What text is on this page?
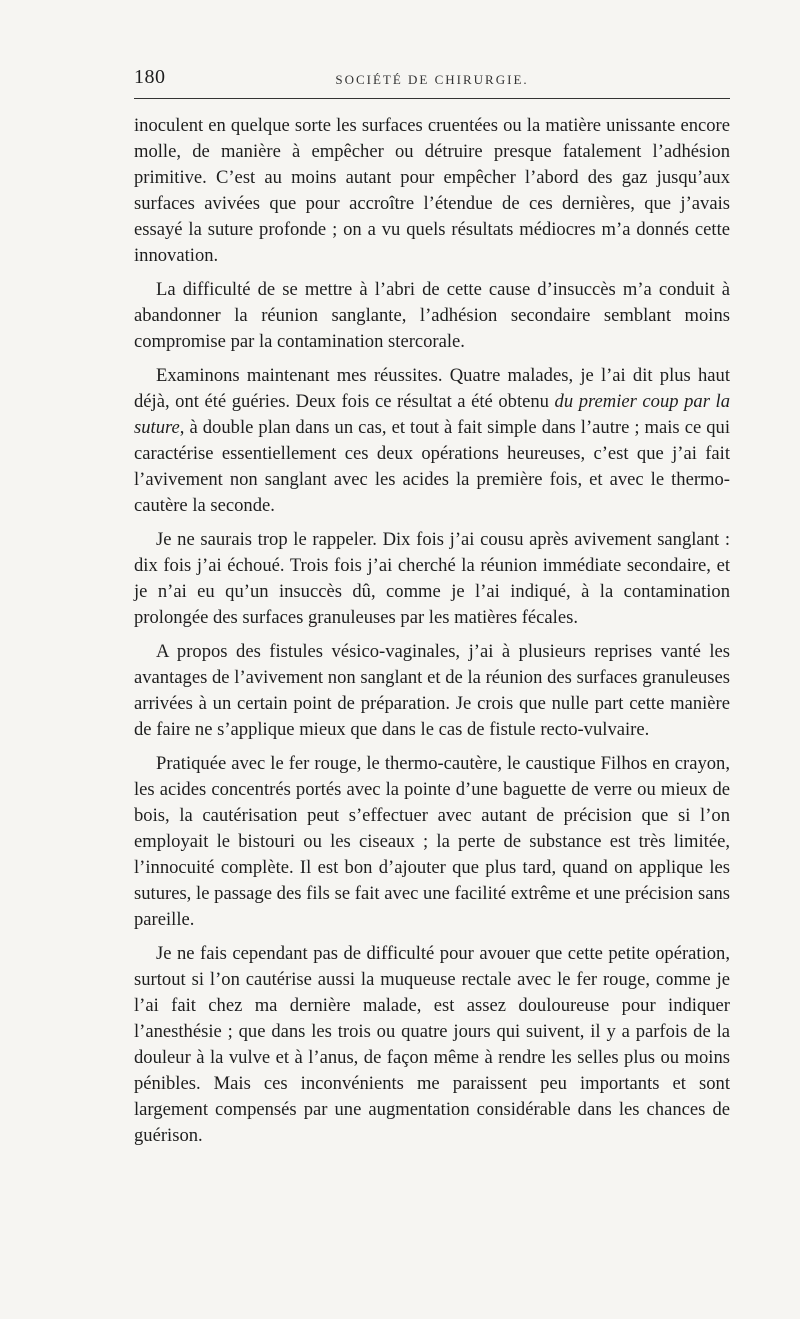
180	SOCIÉTÉ DE CHIRURGIE.

inoculent en quelque sorte les surfaces cruentées ou la matière unissante encore molle, de manière à empêcher ou détruire presque fatalement l’adhésion primitive. C’est au moins autant pour empêcher l’abord des gaz jusqu’aux surfaces avivées que pour accroître l’étendue de ces dernières, que j’avais essayé la suture profonde ; on a vu quels résultats médiocres m’a donnés cette innovation.

La difficulté de se mettre à l’abri de cette cause d’insuccès m’a conduit à abandonner la réunion sanglante, l’adhésion secondaire semblant moins compromise par la contamination stercorale.

Examinons maintenant mes réussites. Quatre malades, je l’ai dit plus haut déjà, ont été guéries. Deux fois ce résultat a été obtenu du premier coup par la suture, à double plan dans un cas, et tout à fait simple dans l’autre ; mais ce qui caractérise essentiellement ces deux opérations heureuses, c’est que j’ai fait l’avivement non sanglant avec les acides la première fois, et avec le thermo-cautère la seconde.

Je ne saurais trop le rappeler. Dix fois j’ai cousu après avivement sanglant : dix fois j’ai échoué. Trois fois j’ai cherché la réunion immédiate secondaire, et je n’ai eu qu’un insuccès dû, comme je l’ai indiqué, à la contamination prolongée des surfaces granuleuses par les matières fécales.

A propos des fistules vésico-vaginales, j’ai à plusieurs reprises vanté les avantages de l’avivement non sanglant et de la réunion des surfaces granuleuses arrivées à un certain point de préparation. Je crois que nulle part cette manière de faire ne s’applique mieux que dans le cas de fistule recto-vulvaire.

Pratiquée avec le fer rouge, le thermo-cautère, le caustique Filhos en crayon, les acides concentrés portés avec la pointe d’une baguette de verre ou mieux de bois, la cautérisation peut s’effectuer avec autant de précision que si l’on employait le bistouri ou les ciseaux ; la perte de substance est très limitée, l’innocuité complète. Il est bon d’ajouter que plus tard, quand on applique les sutures, le passage des fils se fait avec une facilité extrême et une précision sans pareille.

Je ne fais cependant pas de difficulté pour avouer que cette petite opération, surtout si l’on cautérise aussi la muqueuse rectale avec le fer rouge, comme je l’ai fait chez ma dernière malade, est assez douloureuse pour indiquer l’anesthésie ; que dans les trois ou quatre jours qui suivent, il y a parfois de la douleur à la vulve et à l’anus, de façon même à rendre les selles plus ou moins pénibles. Mais ces inconvénients me paraissent peu importants et sont largement compensés par une augmentation considérable dans les chances de guérison.
